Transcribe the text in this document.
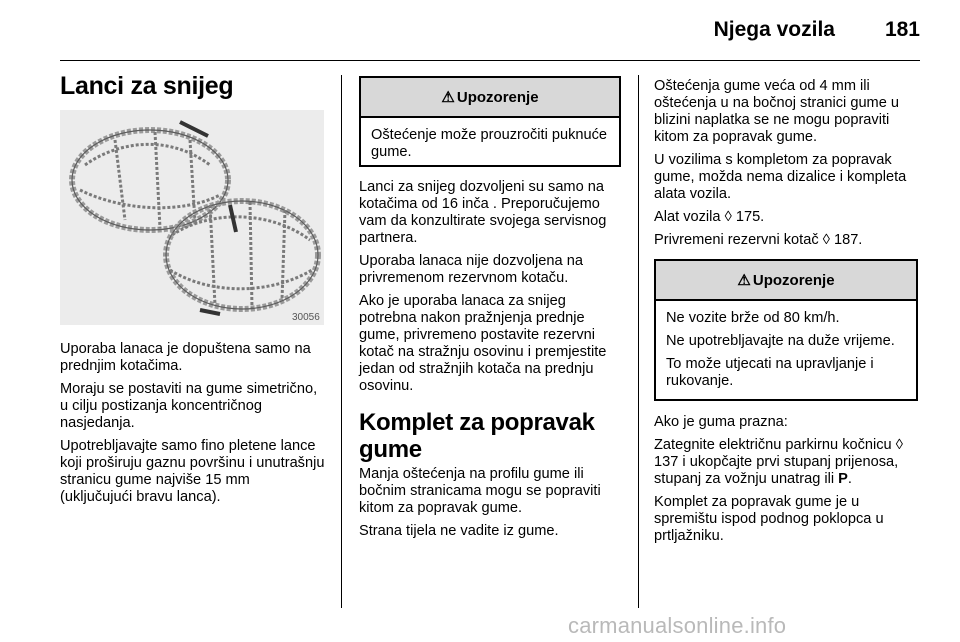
Njega vozila 181
Lanci za snijeg
30056

Uporaba lanaca je dopuštena samo na prednjim kotačima.

Moraju se postaviti na gume simetrično, u cilju postizanja koncentričnog nasjedanja.

Upotrebljavajte samo fino pletene lance koji proširuju gaznu površinu i unutrašnju stranicu gume najviše 15 mm (uključujući bravu lanca).

⚠ Upozorenje

Oštećenje može prouzročiti puknuće gume.

Lanci za snijeg dozvoljeni su samo na kotačima od 16 inča . Preporučujemo vam da konzultirate svojega servisnog partnera.

Uporaba lanaca nije dozvoljena na privremenom rezervnom kotaču.

Ako je uporaba lanaca za snijeg potrebna nakon pražnjenja prednje gume, privremeno postavite rezervni kotač na stražnju osovinu i premjestite jedan od stražnjih kotača na prednju osovinu.

Komplet za popravak gume

Manja oštećenja na profilu gume ili bočnim stranicama mogu se popraviti kitom za popravak gume.

Strana tijela ne vadite iz gume.

Oštećenja gume veća od 4 mm ili oštećenja u na bočnoj stranici gume u blizini naplatka se ne mogu popraviti kitom za popravak gume.

U vozilima s kompletom za popravak gume, možda nema dizalice i kompleta alata vozila.

Alat vozila ◊ 175.

Privremeni rezervni kotač ◊ 187.

⚠ Upozorenje

Ne vozite brže od 80 km/h.

Ne upotrebljavajte na duže vrijeme.

To može utjecati na upravljanje i rukovanje.

Ako je guma prazna:

Zategnite električnu parkirnu kočnicu ◊ 137 i ukopčajte prvi stupanj prijenosa, stupanj za vožnju unatrag ili P.

Komplet za popravak gume je u spremištu ispod podnog poklopca u prtljažniku.

carmanualsonline.info
